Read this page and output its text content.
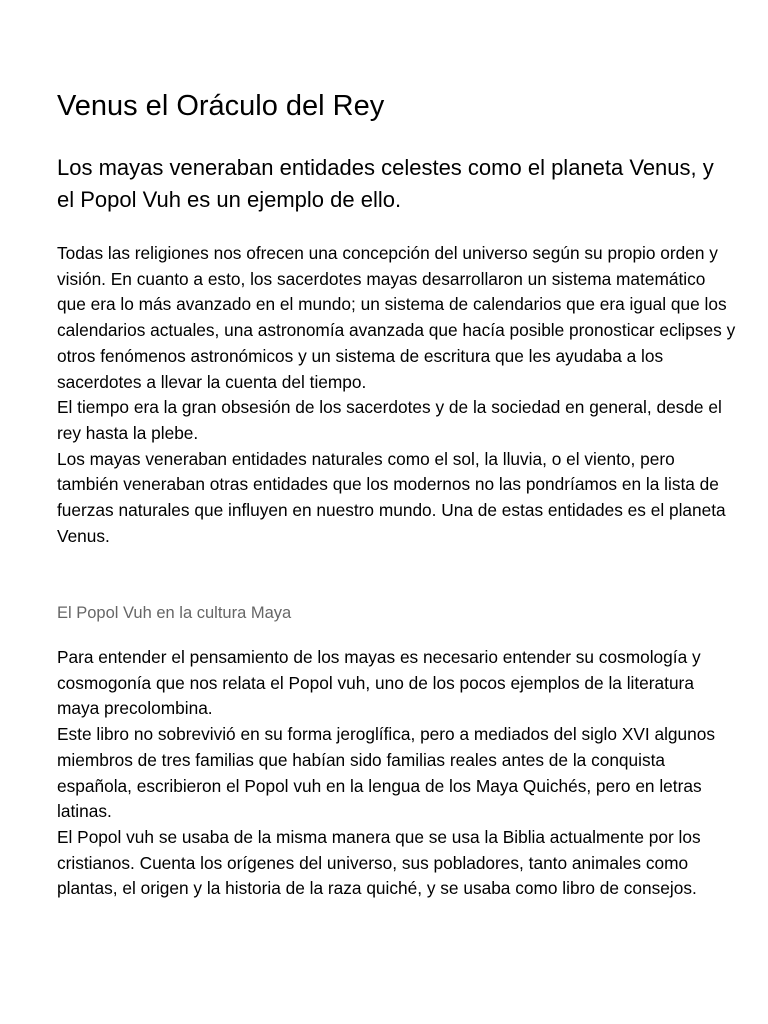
Venus el Oráculo del Rey
Los mayas veneraban entidades celestes como el planeta Venus, y el Popol Vuh es un ejemplo de ello.

Todas las religiones nos ofrecen una concepción del universo según su propio orden y visión. En cuanto a esto, los sacerdotes mayas desarrollaron un sistema matemático que era lo más avanzado en el mundo; un sistema de calendarios que era igual que los calendarios actuales, una astronomía avanzada que hacía posible pronosticar eclipses y otros fenómenos astronómicos y un sistema de escritura que les ayudaba a los sacerdotes a llevar la cuenta del tiempo.

El tiempo era la gran obsesión de los sacerdotes y de la sociedad en general, desde el rey hasta la plebe.

Los mayas veneraban entidades naturales como el sol, la lluvia, o el viento, pero también veneraban otras entidades que los modernos no las pondríamos en la lista de fuerzas naturales que influyen en nuestro mundo. Una de estas entidades es el planeta Venus.

El Popol Vuh en la cultura Maya

Para entender el pensamiento de los mayas es necesario entender su cosmología y cosmogonía que nos relata el Popol vuh, uno de los pocos ejemplos de la literatura maya precolombina.

Este libro no sobrevivió en su forma jeroglífica, pero a mediados del siglo XVI algunos miembros de tres familias que habían sido familias reales antes de la conquista española, escribieron el Popol vuh en la lengua de los Maya Quichés, pero en letras latinas.

El Popol vuh se usaba de la misma manera que se usa la Biblia actualmente por los cristianos. Cuenta los orígenes del universo, sus pobladores, tanto animales como plantas, el origen y la historia de la raza quiché, y se usaba como libro de consejos.
